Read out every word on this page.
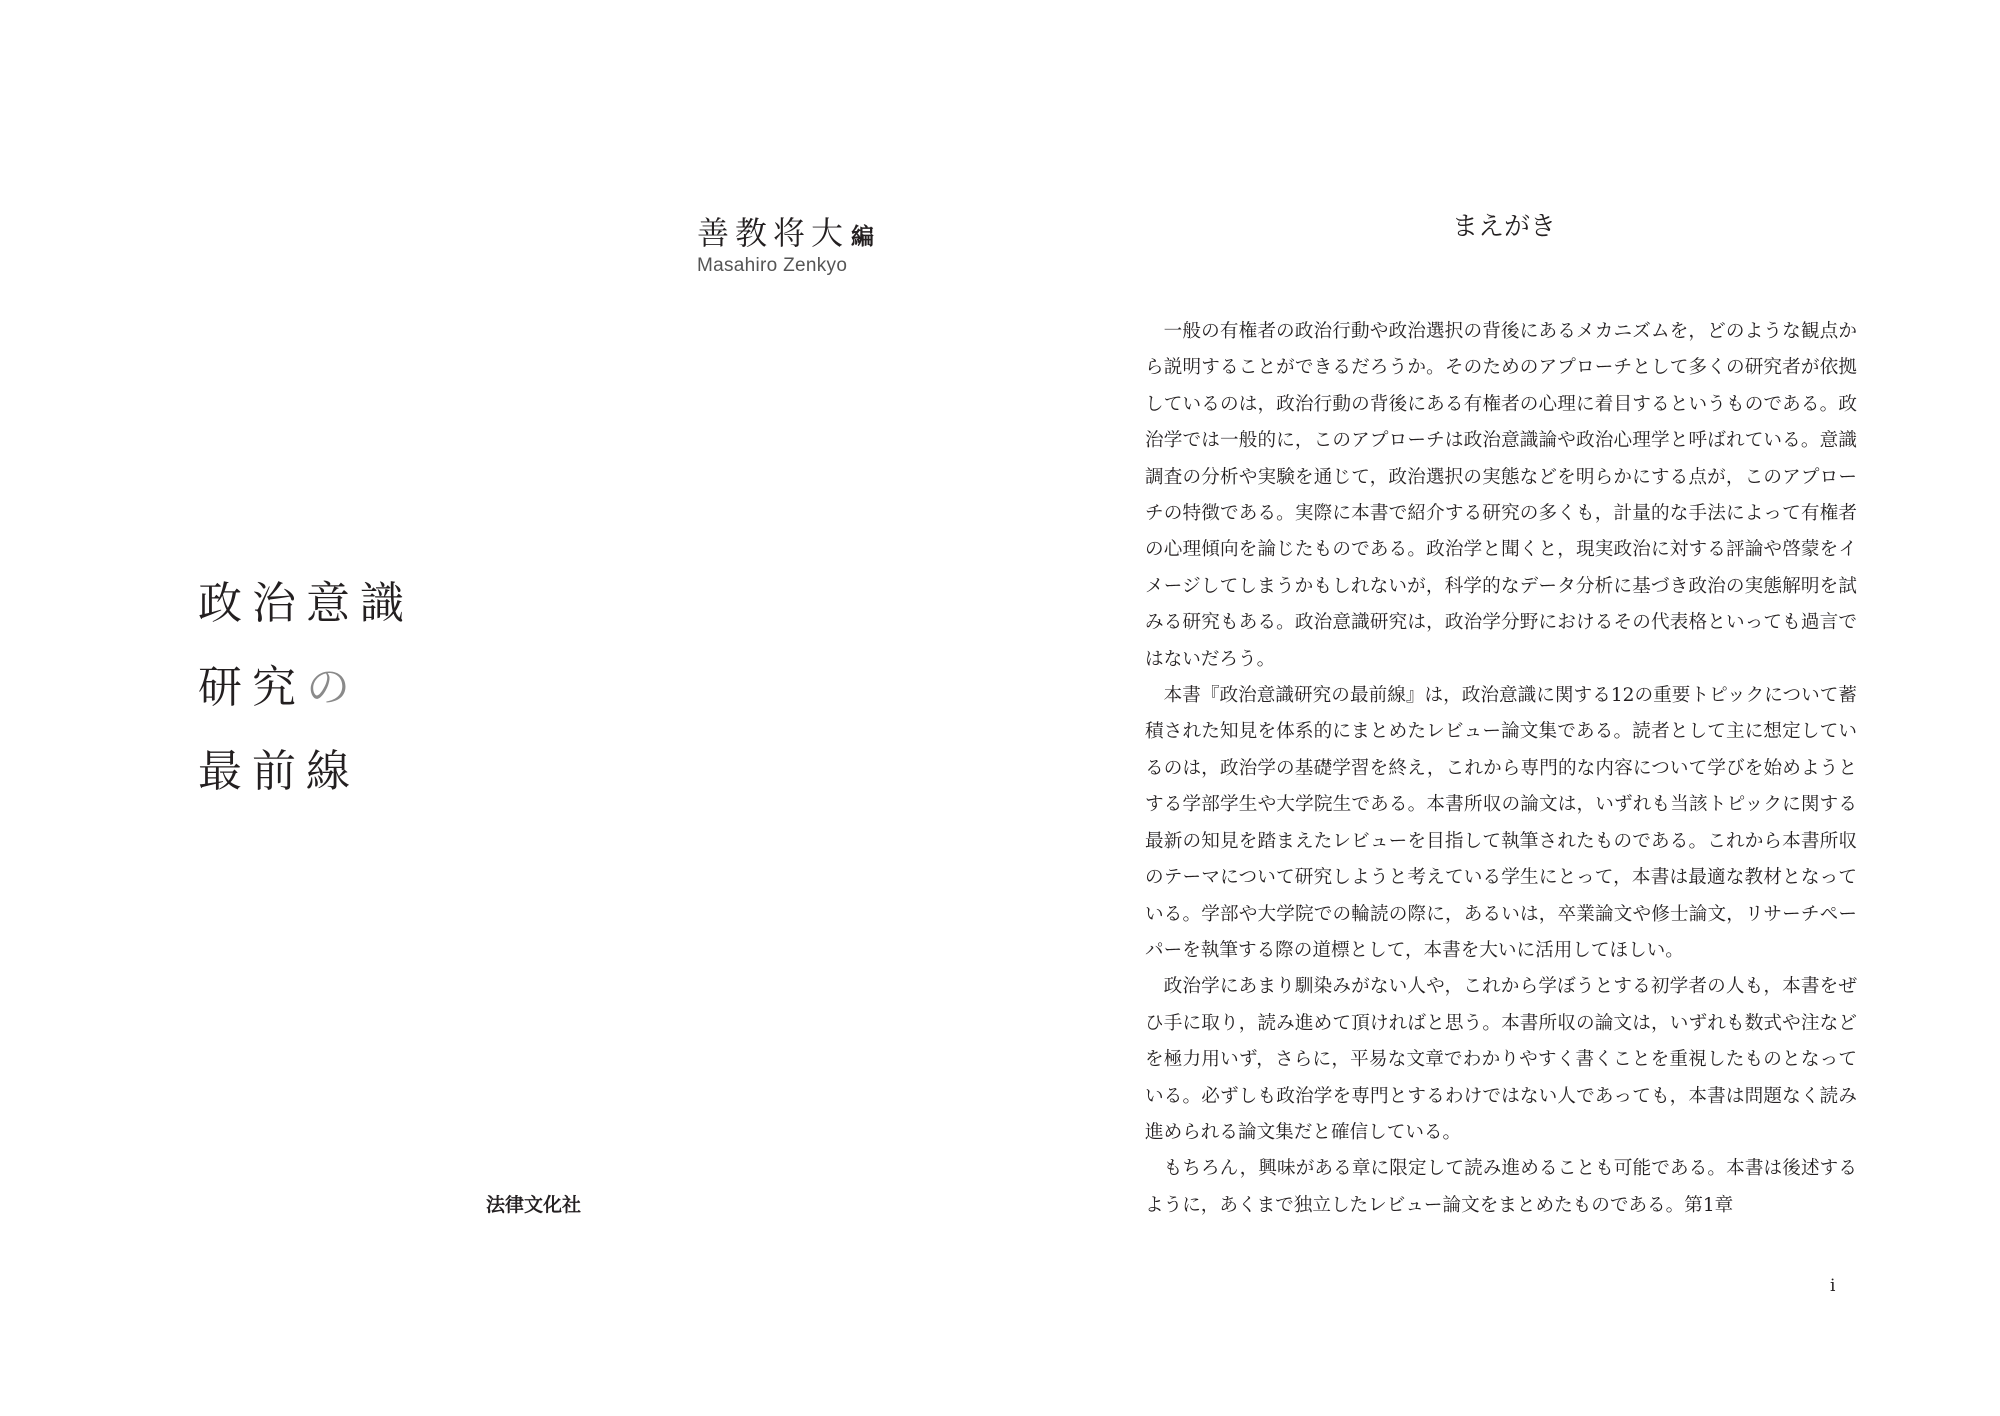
善教将大編
Masahiro Zenkyo
政治意識
研究の
最前線
法律文化社
まえがき

一般の有権者の政治行動や政治選択の背後にあるメカニズムを，どのような観点から説明することができるだろうか。そのためのアプローチとして多くの研究者が依拠しているのは，政治行動の背後にある有権者の心理に着目するというものである。政治学では一般的に，このアプローチは政治意識論や政治心理学と呼ばれている。意識調査の分析や実験を通じて，政治選択の実態などを明らかにする点が，このアプローチの特徴である。実際に本書で紹介する研究の多くも，計量的な手法によって有権者の心理傾向を論じたものである。政治学と聞くと，現実政治に対する評論や啓蒙をイメージしてしまうかもしれないが，科学的なデータ分析に基づき政治の実態解明を試みる研究もある。政治意識研究は，政治学分野におけるその代表格といっても過言ではないだろう。

本書『政治意識研究の最前線』は，政治意識に関する12の重要トピックについて蓄積された知見を体系的にまとめたレビュー論文集である。読者として主に想定しているのは，政治学の基礎学習を終え，これから専門的な内容について学びを始めようとする学部学生や大学院生である。本書所収の論文は，いずれも当該トピックに関する最新の知見を踏まえたレビューを目指して執筆されたものである。これから本書所収のテーマについて研究しようと考えている学生にとって，本書は最適な教材となっている。学部や大学院での輪読の際に，あるいは，卒業論文や修士論文，リサーチペーパーを執筆する際の道標として，本書を大いに活用してほしい。

政治学にあまり馴染みがない人や，これから学ぼうとする初学者の人も，本書をぜひ手に取り，読み進めて頂ければと思う。本書所収の論文は，いずれも数式や注などを極力用いず，さらに，平易な文章でわかりやすく書くことを重視したものとなっている。必ずしも政治学を専門とするわけではない人であっても，本書は問題なく読み進められる論文集だと確信している。

もちろん，興味がある章に限定して読み進めることも可能である。本書は後述するように，あくまで独立したレビュー論文をまとめたものである。第1章

i
